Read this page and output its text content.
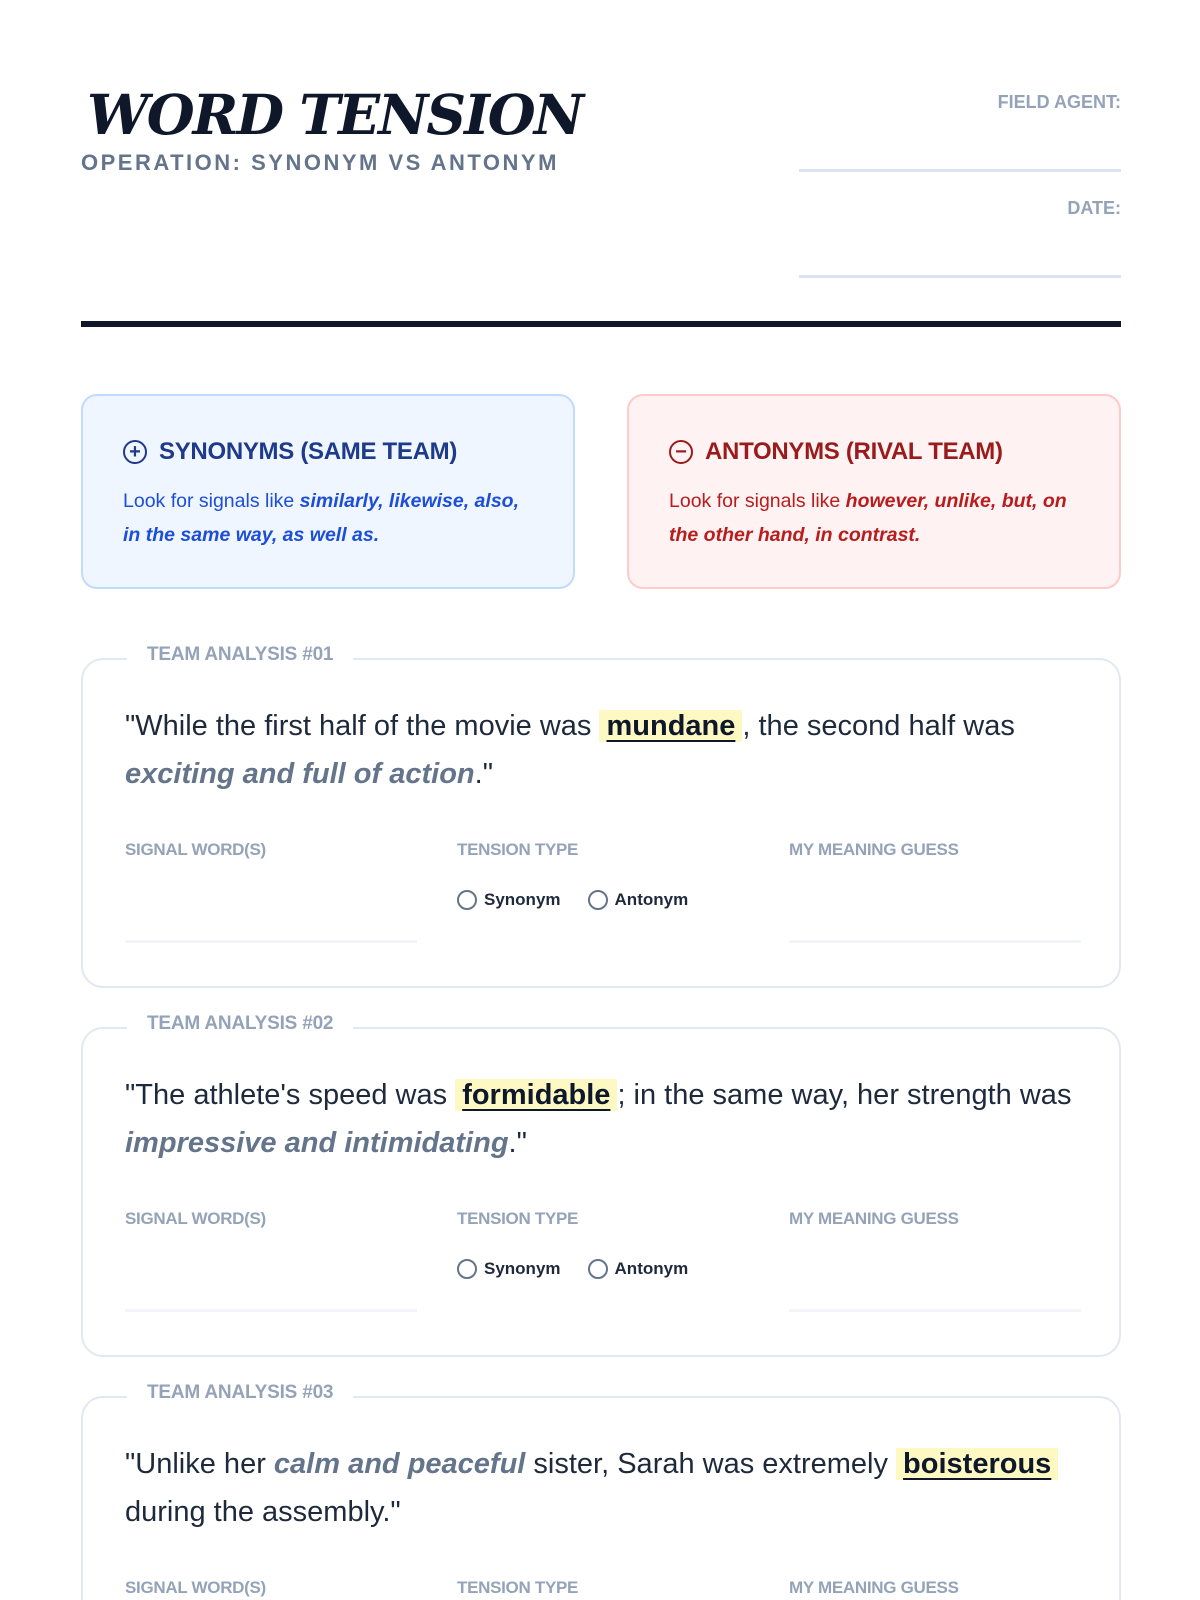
WORD TENSION
OPERATION: SYNONYM VS ANTONYM
FIELD AGENT:
DATE:
+ SYNONYMS (SAME TEAM)
Look for signals like similarly, likewise, also, in the same way, as well as.
− ANTONYMS (RIVAL TEAM)
Look for signals like however, unlike, but, on the other hand, in contrast.
TEAM ANALYSIS #01
"While the first half of the movie was mundane , the second half was exciting and full of action."
SIGNAL WORD(S)	TENSION TYPE	MY MEANING GUESS
Synonym	Antonym
TEAM ANALYSIS #02
"The athlete's speed was formidable ; in the same way, her strength was impressive and intimidating."
SIGNAL WORD(S)	TENSION TYPE	MY MEANING GUESS
Synonym	Antonym
TEAM ANALYSIS #03
"Unlike her calm and peaceful sister, Sarah was extremely boisterous during the assembly."
SIGNAL WORD(S)	TENSION TYPE	MY MEANING GUESS
